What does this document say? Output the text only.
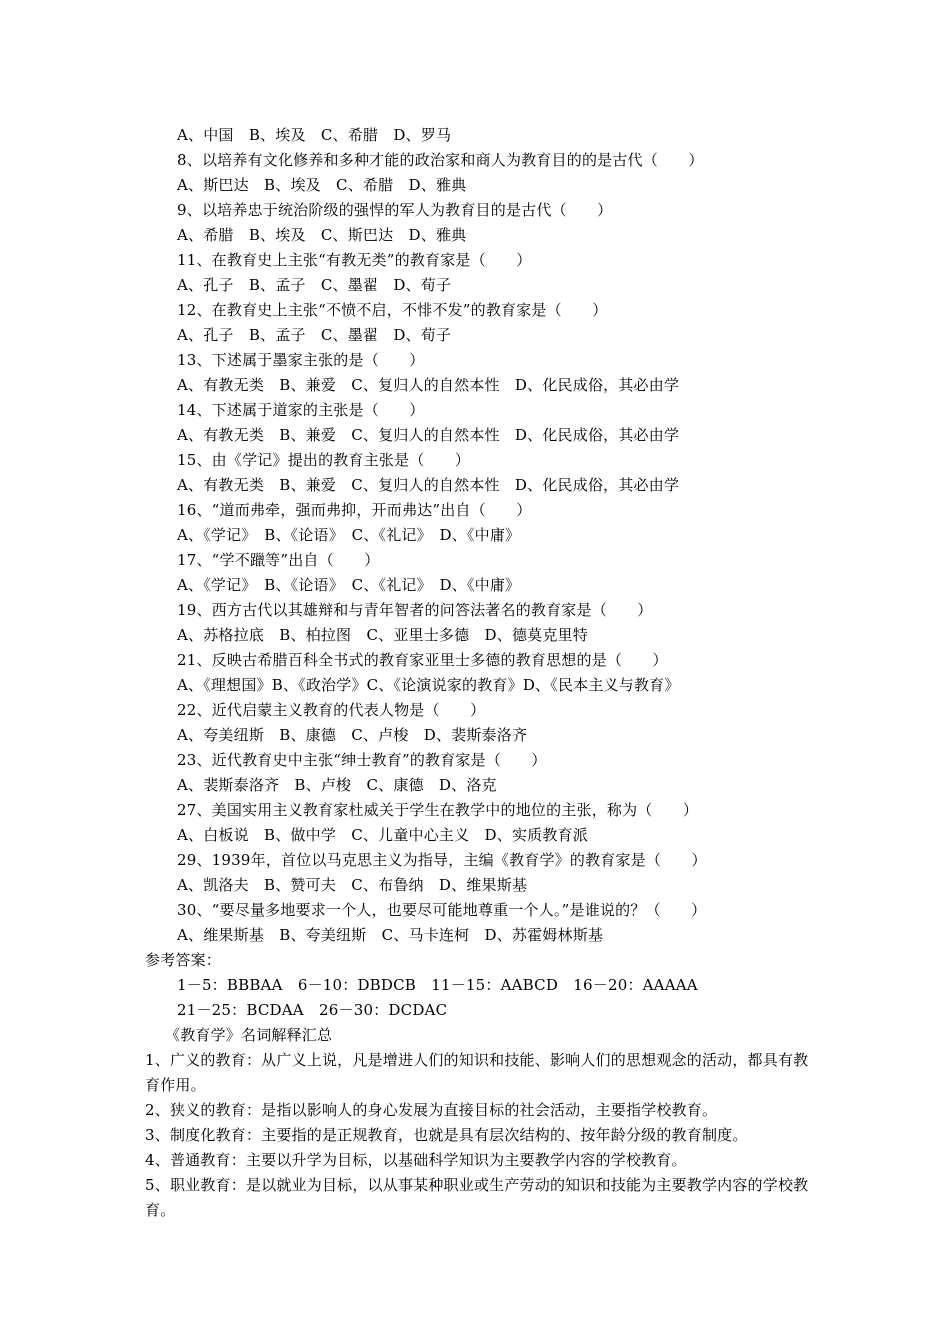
A、中国　B、埃及　C、希腊　D、罗马
8、以培养有文化修养和多种才能的政治家和商人为教育目的的是古代（　　）
A、斯巴达　B、埃及　C、希腊　D、雅典
9、以培养忠于统治阶级的强悍的军人为教育目的是古代（　　）
A、希腊　B、埃及　C、斯巴达　D、雅典
11、在教育史上主张“有教无类”的教育家是（　　）
A、孔子　B、孟子　C、墨翟　D、荀子
12、在教育史上主张“不愤不启，不悱不发”的教育家是（　　）
A、孔子　B、孟子　C、墨翟　D、荀子
13、下述属于墨家主张的是（　　）
A、有教无类　B、兼爱　C、复归人的自然本性　D、化民成俗，其必由学
14、下述属于道家的主张是（　　）
A、有教无类　B、兼爱　C、复归人的自然本性　D、化民成俗，其必由学
15、由《学记》提出的教育主张是（　　）
A、有教无类　B、兼爱　C、复归人的自然本性　D、化民成俗，其必由学
16、“道而弗牵，强而弗抑，开而弗达”出自（　　）
A、《学记》　B、《论语》　C、《礼记》　D、《中庸》
17、“学不躐等”出自（　　）
A、《学记》　B、《论语》　C、《礼记》　D、《中庸》
19、西方古代以其雄辩和与青年智者的问答法著名的教育家是（　　）
A、苏格拉底　B、柏拉图　C、亚里士多德　D、德莫克里特
21、反映古希腊百科全书式的教育家亚里士多德的教育思想的是（　　）
A、《理想国》B、《政治学》C、《论演说家的教育》D、《民本主义与教育》
22、近代启蒙主义教育的代表人物是（　　）
A、夸美纽斯　B、康德　C、卢梭　D、裴斯泰洛齐
23、近代教育史中主张“绅士教育”的教育家是（　　）
A、裴斯泰洛齐　B、卢梭　C、康德　D、洛克
27、美国实用主义教育家杜威关于学生在教学中的地位的主张，称为（　　）
A、白板说　B、做中学　C、儿童中心主义　D、实质教育派
29、1939年，首位以马克思主义为指导，主编《教育学》的教育家是（　　）
A、凯洛夫　B、赞可夫　C、布鲁纳　D、维果斯基
30、“要尽量多地要求一个人，也要尽可能地尊重一个人。”是谁说的？（　　）
A、维果斯基　B、夸美纽斯　C、马卡连柯　D、苏霍姆林斯基
参考答案：
1－5：BBBAA　6－10：DBDCB　11－15：AABCD　16－20：AAAAA
21－25：BCDAA　26－30：DCDAC
《教育学》名词解释汇总
1、广义的教育：从广义上说，凡是增进人们的知识和技能、影响人们的思想观念的活动，都具有教育作用。
2、狭义的教育：是指以影响人的身心发展为直接目标的社会活动，主要指学校教育。
3、制度化教育：主要指的是正规教育，也就是具有层次结构的、按年龄分级的教育制度。
4、普通教育：主要以升学为目标，以基础科学知识为主要教学内容的学校教育。
5、职业教育：是以就业为目标，以从事某种职业或生产劳动的知识和技能为主要教学内容的学校教育。
